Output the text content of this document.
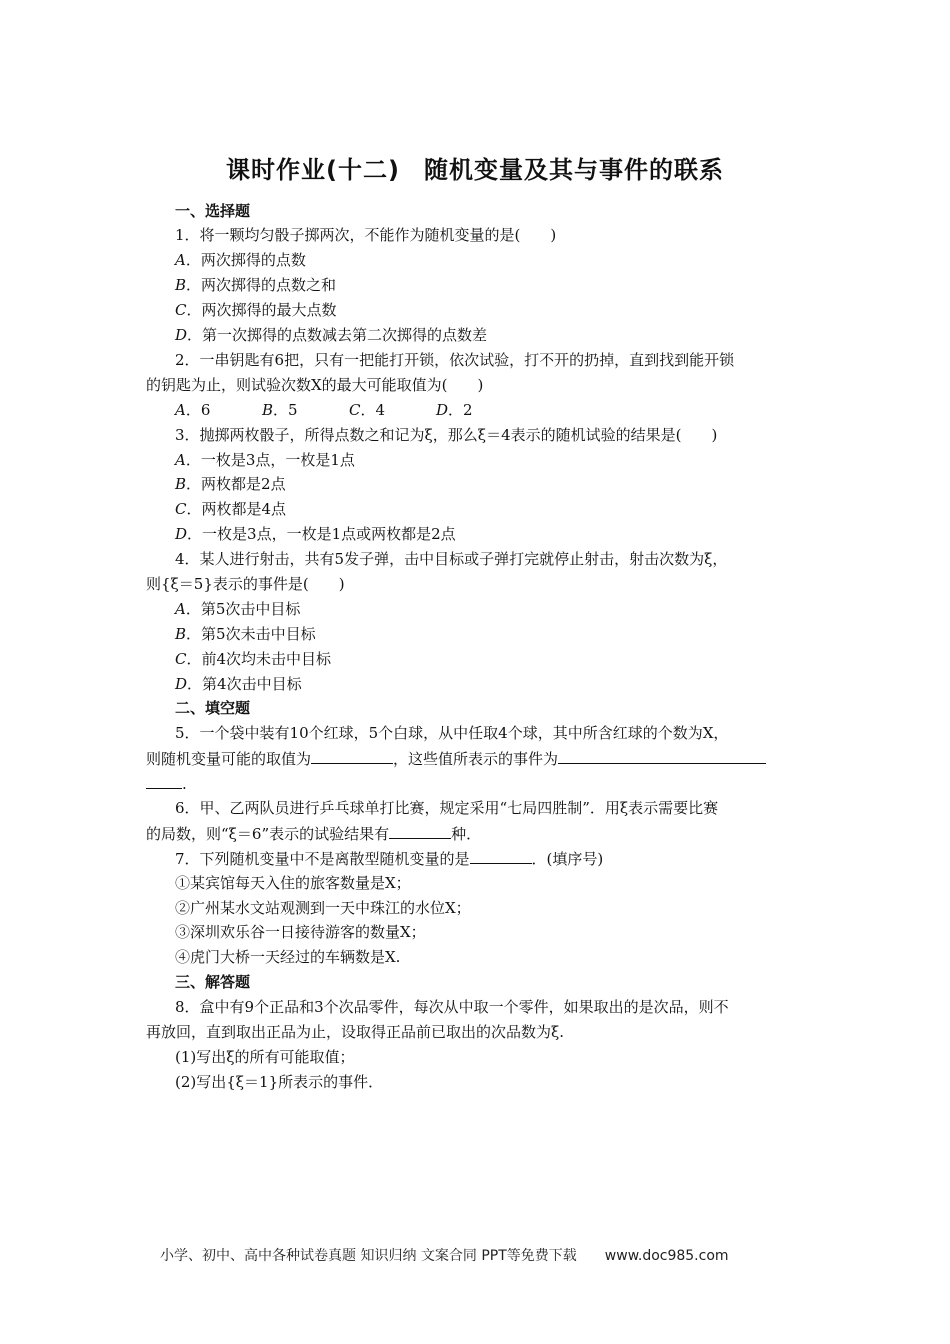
课时作业(十二) 随机变量及其与事件的联系
一、选择题
1．将一颗均匀骰子掷两次，不能作为随机变量的是(　　)
A．两次掷得的点数
B．两次掷得的点数之和
C．两次掷得的最大点数
D．第一次掷得的点数减去第二次掷得的点数差
2．一串钥匙有6把，只有一把能打开锁，依次试验，打不开的扔掉，直到找到能开锁
的钥匙为止，则试验次数X的最大可能取值为(　　)
A．6	B．5	C．4	D．2
3．抛掷两枚骰子，所得点数之和记为ξ，那么ξ＝4表示的随机试验的结果是(　　)
A．一枚是3点，一枚是1点
B．两枚都是2点
C．两枚都是4点
D．一枚是3点，一枚是1点或两枚都是2点
4．某人进行射击，共有5发子弹，击中目标或子弹打完就停止射击，射击次数为ξ，
则{ξ＝5}表示的事件是(　　)
A．第5次击中目标
B．第5次未击中目标
C．前4次均未击中目标
D．第4次击中目标
二、填空题
5．一个袋中装有10个红球，5个白球，从中任取4个球，其中所含红球的个数为X，
则随机变量可能的取值为	，这些值所表示的事件为
.
6．甲、乙两队员进行乒乓球单打比赛，规定采用“七局四胜制”．用ξ表示需要比赛
的局数，则“ξ＝6”表示的试验结果有	种．
7．下列随机变量中不是离散型随机变量的是	．(填序号)
①某宾馆每天入住的旅客数量是X；
②广州某水文站观测到一天中珠江的水位X；
③深圳欢乐谷一日接待游客的数量X；
④虎门大桥一天经过的车辆数是X.
三、解答题
8．盒中有9个正品和3个次品零件，每次从中取一个零件，如果取出的是次品，则不
再放回，直到取出正品为止，设取得正品前已取出的次品数为ξ.
(1)写出ξ的所有可能取值；
(2)写出{ξ＝1}所表示的事件．
小学、初中、高中各种试卷真题 知识归纳 文案合同 PPT等免费下载 www.doc985.com
